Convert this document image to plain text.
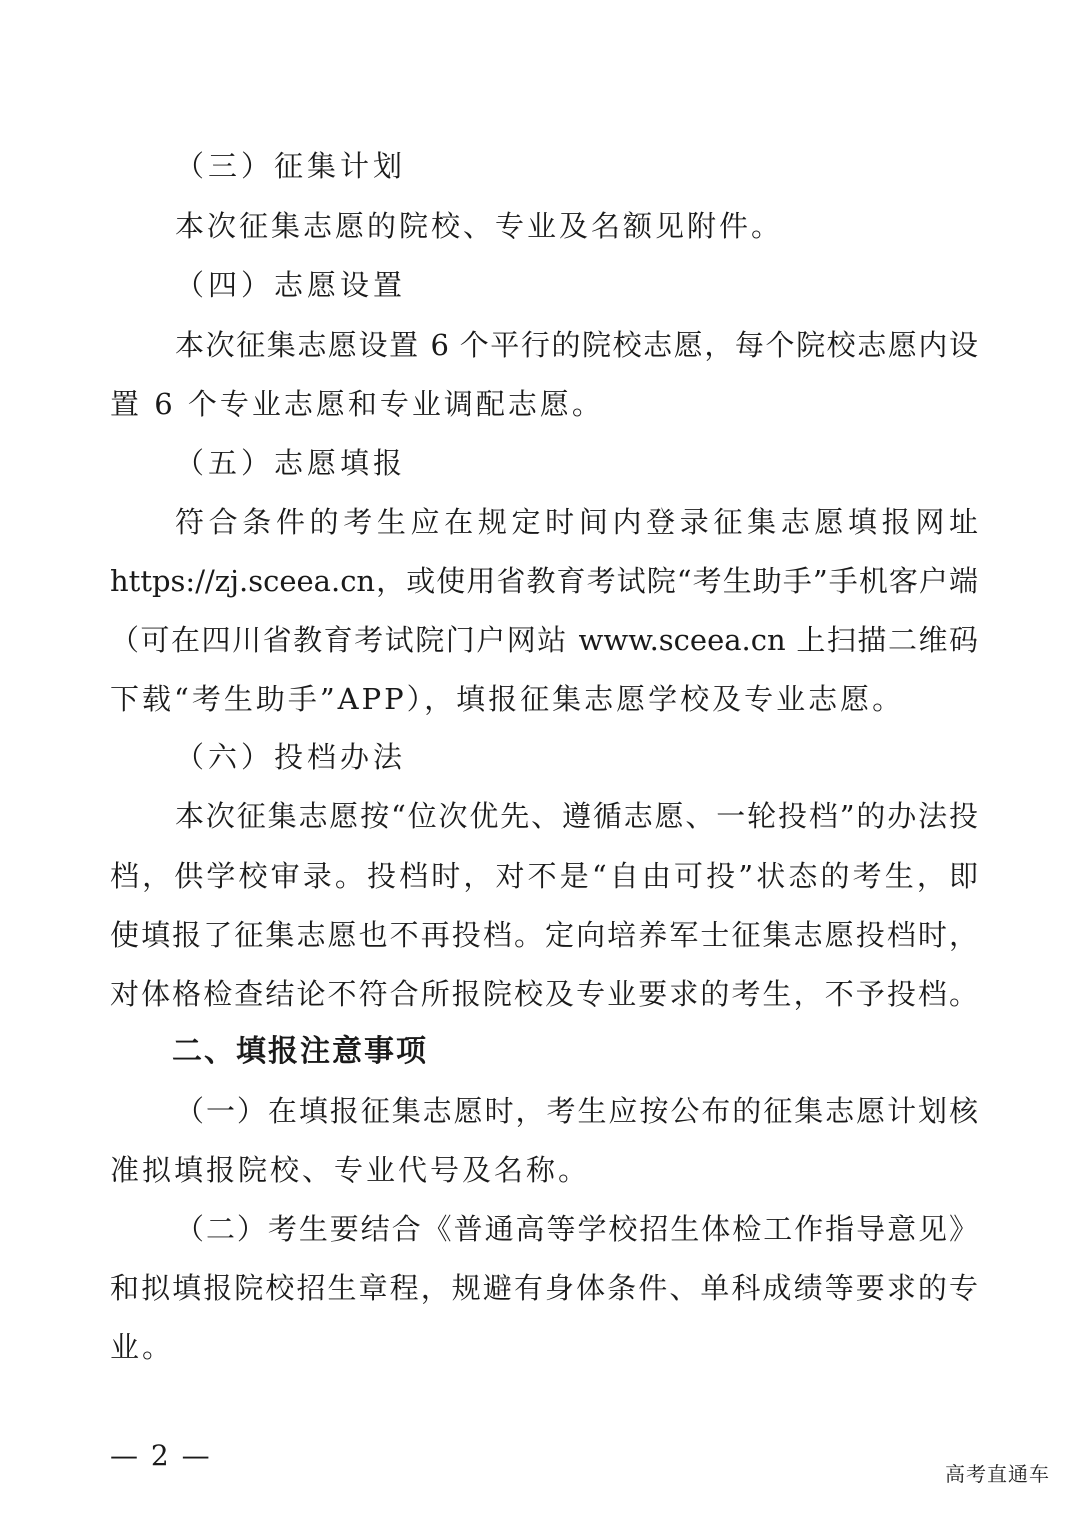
（三）征集计划
本次征集志愿的院校、专业及名额见附件。
（四）志愿设置
本次征集志愿设置 6 个平行的院校志愿，每个院校志愿内设
置 6 个专业志愿和专业调配志愿。
（五）志愿填报
符合条件的考生应在规定时间内登录征集志愿填报网址
https://zj.sceea.cn，或使用省教育考试院“考生助手”手机客户端
（可在四川省教育考试院门户网站 www.sceea.cn 上扫描二维码
下载“考生助手”APP），填报征集志愿学校及专业志愿。
（六）投档办法
本次征集志愿按“位次优先、遵循志愿、一轮投档”的办法投
档，供学校审录。投档时，对不是“自由可投”状态的考生，即
使填报了征集志愿也不再投档。定向培养军士征集志愿投档时，
对体格检查结论不符合所报院校及专业要求的考生，不予投档。
二、填报注意事项
（一）在填报征集志愿时，考生应按公布的征集志愿计划核
准拟填报院校、专业代号及名称。
（二）考生要结合《普通高等学校招生体检工作指导意见》
和拟填报院校招生章程，规避有身体条件、单科成绩等要求的专
业。
— 2 —
高考直通车
